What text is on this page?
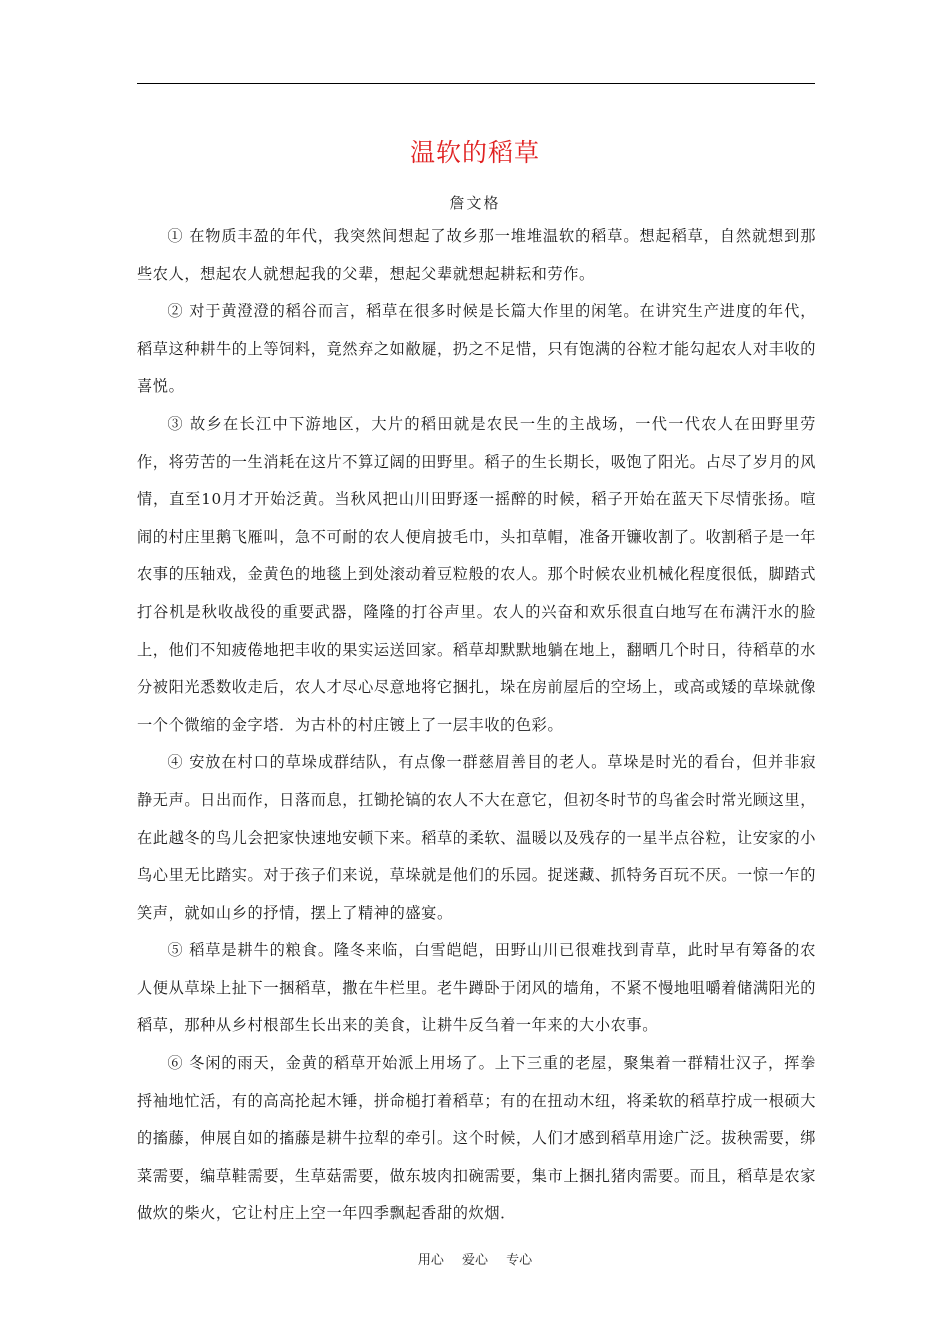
温软的稻草
詹文格

① 在物质丰盈的年代，我突然间想起了故乡那一堆堆温软的稻草。想起稻草，自然就想到那些农人，想起农人就想起我的父辈，想起父辈就想起耕耘和劳作。

② 对于黄澄澄的稻谷而言，稻草在很多时候是长篇大作里的闲笔。在讲究生产进度的年代，稻草这种耕牛的上等饲料，竟然弃之如敝屣，扔之不足惜，只有饱满的谷粒才能勾起农人对丰收的喜悦。

③ 故乡在长江中下游地区，大片的稻田就是农民一生的主战场，一代一代农人在田野里劳作，将劳苦的一生消耗在这片不算辽阔的田野里。稻子的生长期长，吸饱了阳光。占尽了岁月的风情，直至10月才开始泛黄。当秋风把山川田野逐一摇醉的时候，稻子开始在蓝天下尽情张扬。喧闹的村庄里鹅飞雁叫，急不可耐的农人便肩披毛巾，头扣草帽，准备开镰收割了。收割稻子是一年农事的压轴戏，金黄色的地毯上到处滚动着豆粒般的农人。那个时候农业机械化程度很低，脚踏式打谷机是秋收战役的重要武器，隆隆的打谷声里。农人的兴奋和欢乐很直白地写在布满汗水的脸上，他们不知疲倦地把丰收的果实运送回家。稻草却默默地躺在地上，翻晒几个时日，待稻草的水分被阳光悉数收走后，农人才尽心尽意地将它捆扎，垛在房前屋后的空场上，或高或矮的草垛就像一个个微缩的金字塔．为古朴的村庄镀上了一层丰收的色彩。

④ 安放在村口的草垛成群结队，有点像一群慈眉善目的老人。草垛是时光的看台，但并非寂静无声。日出而作，日落而息，扛锄抡镐的农人不大在意它，但初冬时节的鸟雀会时常光顾这里，在此越冬的鸟儿会把家快速地安顿下来。稻草的柔软、温暖以及残存的一星半点谷粒，让安家的小鸟心里无比踏实。对于孩子们来说，草垛就是他们的乐园。捉迷藏、抓特务百玩不厌。一惊一乍的笑声，就如山乡的抒情，摆上了精神的盛宴。

⑤ 稻草是耕牛的粮食。隆冬来临，白雪皑皑，田野山川已很难找到青草，此时早有筹备的农人便从草垛上扯下一捆稻草，撒在牛栏里。老牛蹲卧于闭风的墙角，不紧不慢地咀嚼着储满阳光的稻草，那种从乡村根部生长出来的美食，让耕牛反刍着一年来的大小农事。

⑥ 冬闲的雨天，金黄的稻草开始派上用场了。上下三重的老屋，聚集着一群精壮汉子，挥拳捋袖地忙活，有的高高抡起木锤，拼命槌打着稻草；有的在扭动木纽，将柔软的稻草拧成一根硕大的搐藤，伸展自如的搐藤是耕牛拉犁的牵引。这个时候，人们才感到稻草用途广泛。拔秧需要，绑菜需要，编草鞋需要，生草菇需要，做东坡肉扣碗需要，集市上捆扎猪肉需要。而且，稻草是农家做炊的柴火，它让村庄上空一年四季飘起香甜的炊烟．

用心 爱心 专心
